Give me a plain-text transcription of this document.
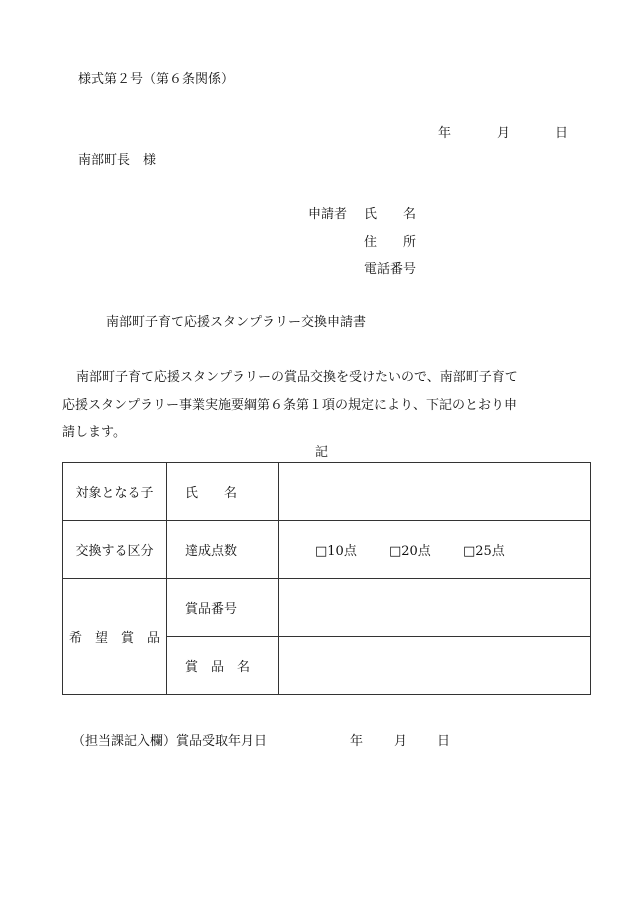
様式第２号（第６条関係）
年	月	日
南部町長　様
申請者 氏　　名
住　　所
電話番号
南部町子育て応援スタンプラリー交換申請書

南部町子育て応援スタンプラリーの賞品交換を受けたいので、南部町子育て
応援スタンプラリー事業実施要綱第６条第１項の規定により、下記のとおり申
請します。

記
対象となる子	氏　　名	
交換する区分	達成点数	□10点 □20点 □25点
希　望　賞　品	賞品番号	
	賞　品　名	
（担当課記入欄）賞品受取年月日	年 月 日
